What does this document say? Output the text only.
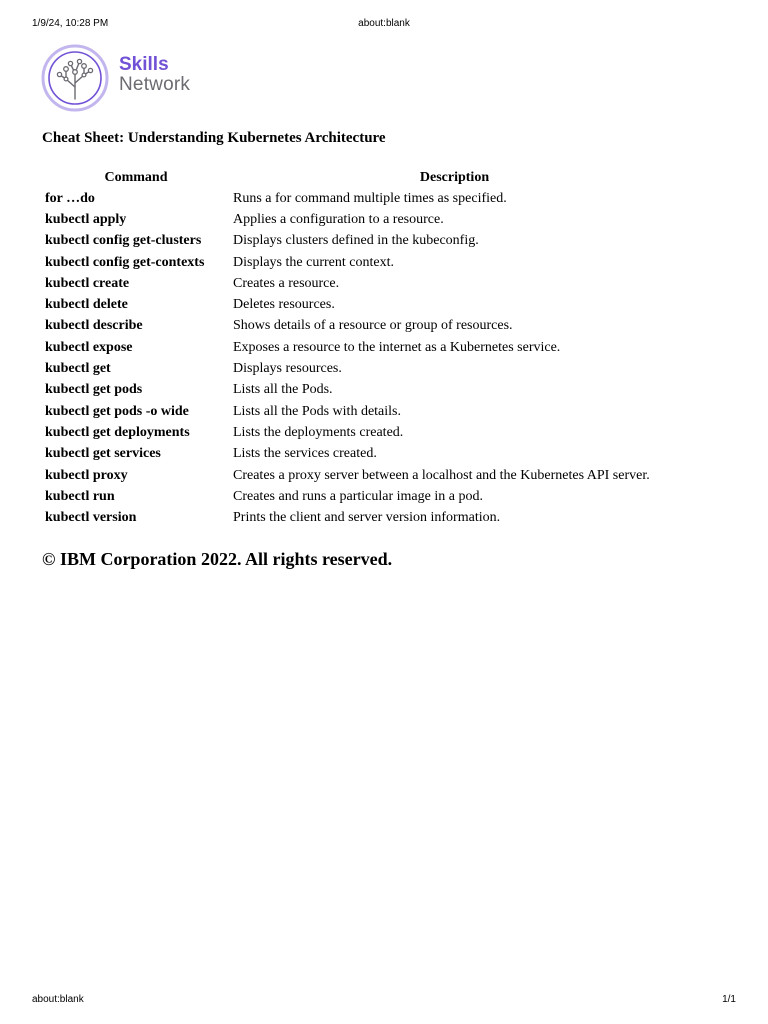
1/9/24, 10:28 PM	about:blank
Skills
Network
Cheat Sheet: Understanding Kubernetes Architecture
Command	Description
for …do	Runs a for command multiple times as specified.
kubectl apply	Applies a configuration to a resource.
kubectl config get-clusters	Displays clusters defined in the kubeconfig.
kubectl config get-contexts	Displays the current context.
kubectl create	Creates a resource.
kubectl delete	Deletes resources.
kubectl describe	Shows details of a resource or group of resources.
kubectl expose	Exposes a resource to the internet as a Kubernetes service.
kubectl get	Displays resources.
kubectl get pods	Lists all the Pods.
kubectl get pods -o wide	Lists all the Pods with details.
kubectl get deployments	Lists the deployments created.
kubectl get services	Lists the services created.
kubectl proxy	Creates a proxy server between a localhost and the Kubernetes API server.
kubectl run	Creates and runs a particular image in a pod.
kubectl version	Prints the client and server version information.
© IBM Corporation 2022. All rights reserved.
about:blank	1/1
